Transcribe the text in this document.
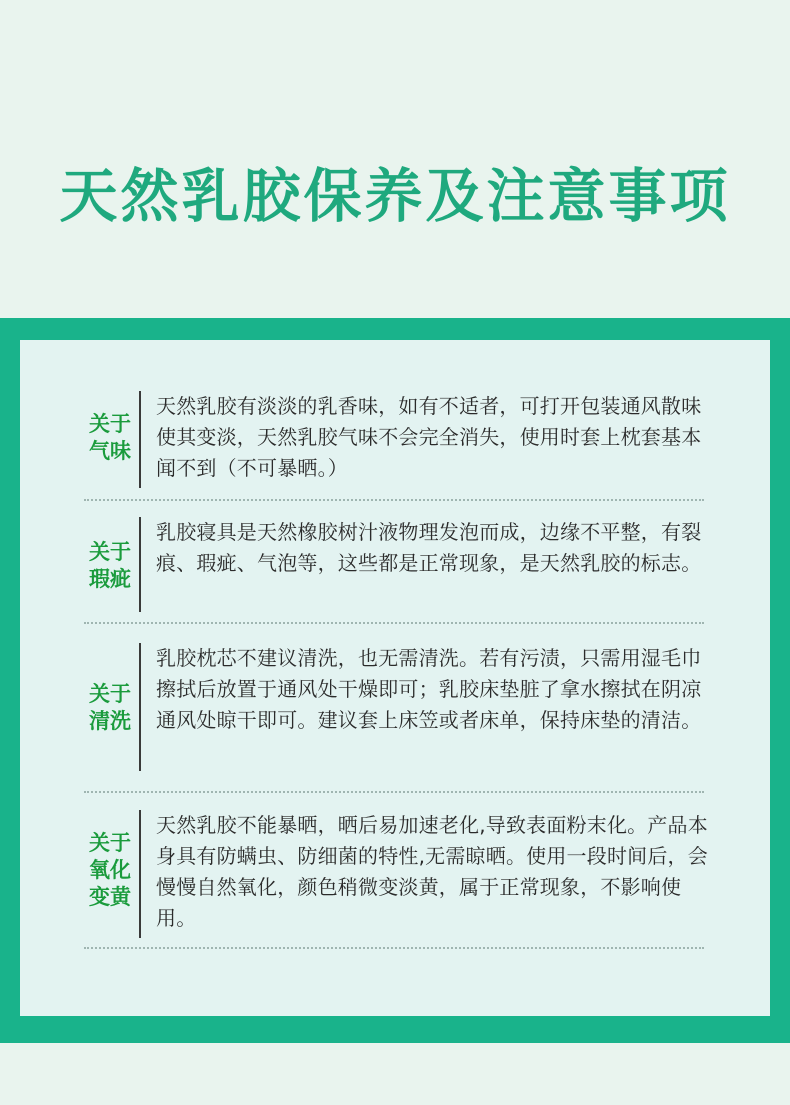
天然乳胶保养及注意事项
关于
气味
天然乳胶有淡淡的乳香味，如有不适者，可打开包装通风散味使其变淡，天然乳胶气味不会完全消失，使用时套上枕套基本闻不到（不可暴晒。）
关于
瑕疵
乳胶寝具是天然橡胶树汁液物理发泡而成，边缘不平整，有裂痕、瑕疵、气泡等，这些都是正常现象，是天然乳胶的标志。
关于
清洗
乳胶枕芯不建议清洗，也无需清洗。若有污渍，只需用湿毛巾擦拭后放置于通风处干燥即可；乳胶床垫脏了拿水擦拭在阴凉通风处晾干即可。建议套上床笠或者床单，保持床垫的清洁。
关于
氧化
变黄
天然乳胶不能暴晒，晒后易加速老化,导致表面粉末化。产品本身具有防螨虫、防细菌的特性,无需晾晒。使用一段时间后，会慢慢自然氧化，颜色稍微变淡黄，属于正常现象，不影响使用。
